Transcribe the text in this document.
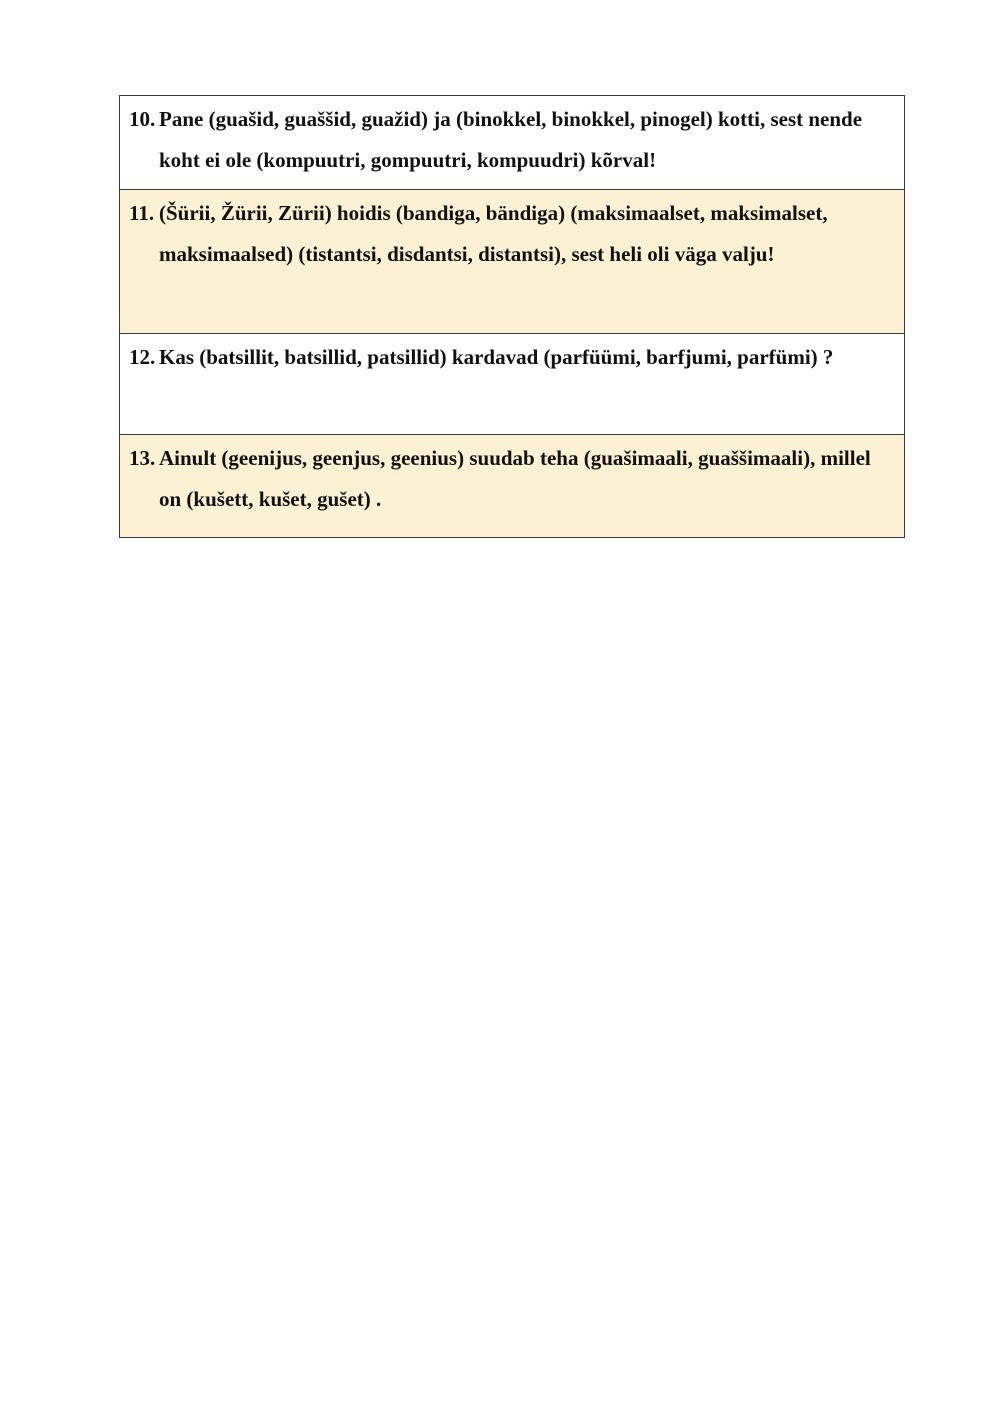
10. Pane (guašid, guaššid, guažid) ja (binokkel, binokkel, pinogel) kotti, sest nende koht ei ole (kompuutri, gompuutri, kompuudri) kõrval!

11. (Šürii, Žürii, Zürii) hoidis (bandiga, bändiga) (maksimaalset, maksimalset, maksimaalsed) (tistantsi, disdantsi, distantsi), sest heli oli väga valju!

12. Kas (batsillit, batsillid, patsillid) kardavad (parfüümi, barfjumi, parfümi) ?

13. Ainult (geenijus, geenjus, geenius) suudab teha (guašimaali, guaššimaali), millel on (kušett, kušet, gušet) .
